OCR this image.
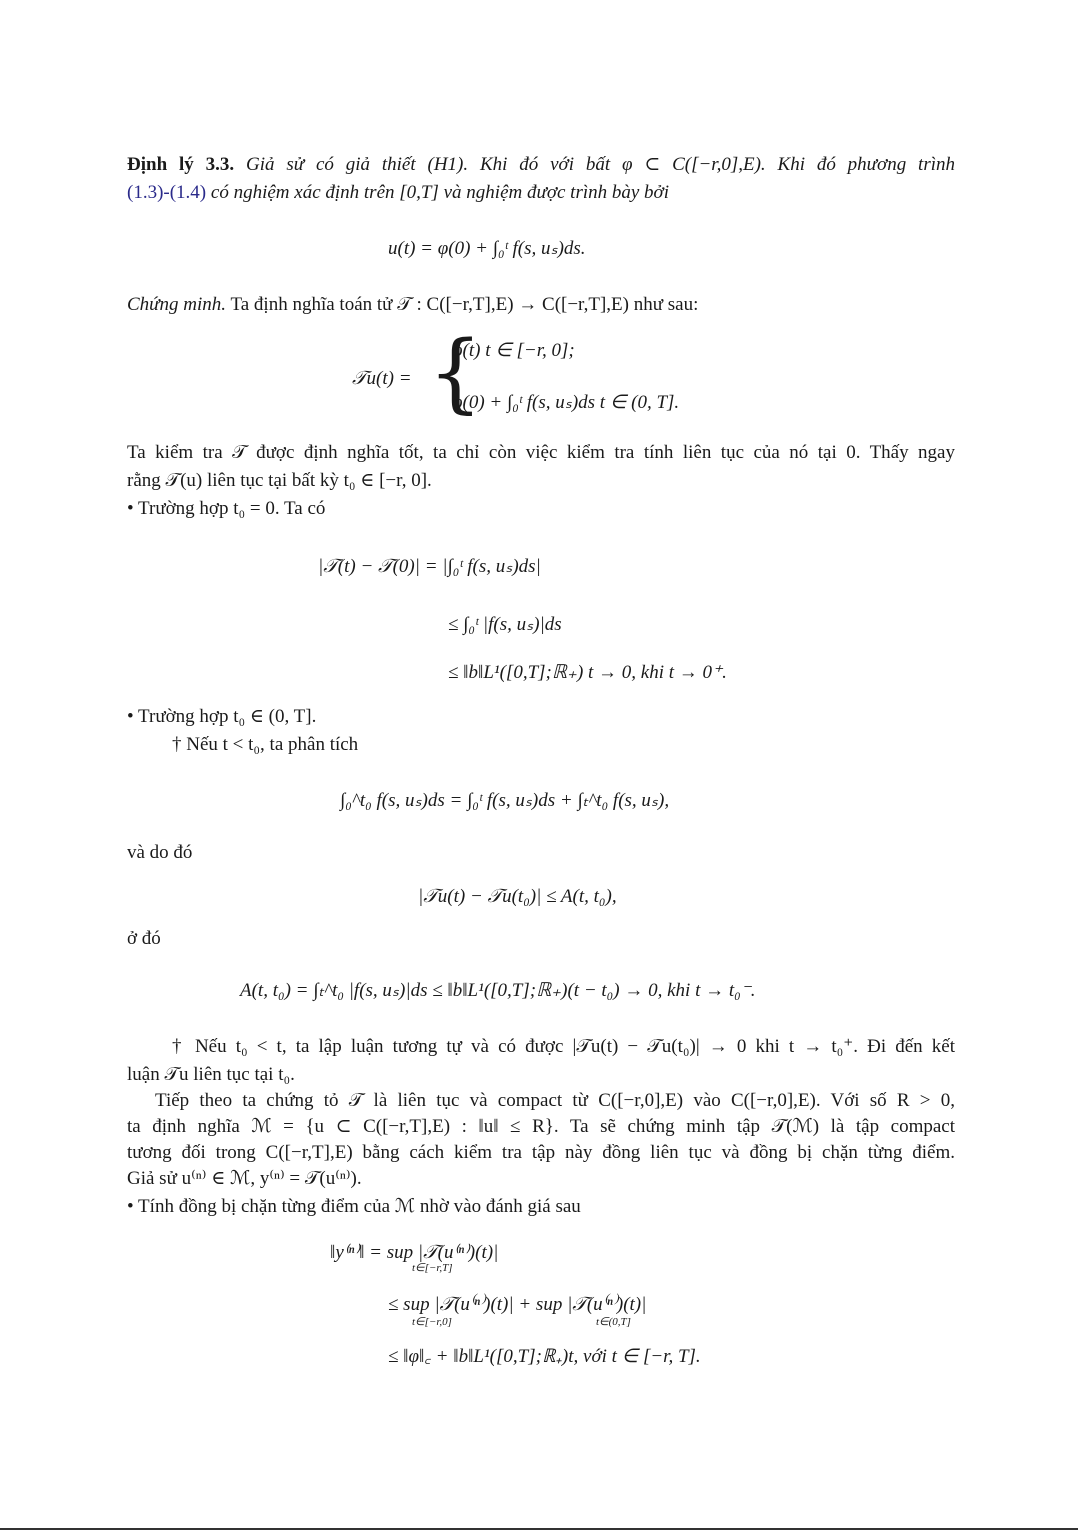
Định lý 3.3. Giả sử có giả thiết (H1). Khi đó với bất φ ⊂ C([−r,0],E). Khi đó phương trình
(1.3)-(1.4) có nghiệm xác định trên [0,T] và nghiệm được trình bày bởi
u(t) = φ(0) + ∫₀ᵗ f(s, uₛ)ds.
Chứng minh. Ta định nghĩa toán tử 𝒯 : C([−r,T],E) → C([−r,T],E) như sau:
𝒯u(t) = {
φ(t) t ∈ [−r, 0];
φ(0) + ∫₀ᵗ f(s, uₛ)ds t ∈ (0, T].
Ta kiểm tra 𝒯 được định nghĩa tốt, ta chỉ còn việc kiểm tra tính liên tục của nó tại 0. Thấy ngay
rằng 𝒯(u) liên tục tại bất kỳ t₀ ∈ [−r, 0].
• Trường hợp t₀ = 0. Ta có
|𝒯(t) − 𝒯(0)| = |∫₀ᵗ f(s, uₛ)ds|
≤ ∫₀ᵗ |f(s, uₛ)|ds
≤ ‖b‖L¹([0,T];ℝ₊) t → 0, khi t → 0⁺.
• Trường hợp t₀ ∈ (0, T].
† Nếu t < t₀, ta phân tích
∫₀^t₀ f(s, uₛ)ds = ∫₀ᵗ f(s, uₛ)ds + ∫ₜ^t₀ f(s, uₛ),
và do đó
|𝒯u(t) − 𝒯u(t₀)| ≤ A(t, t₀),
ở đó
A(t, t₀) = ∫ₜ^t₀ |f(s, uₛ)|ds ≤ ‖b‖L¹([0,T];ℝ₊)(t − t₀) → 0, khi t → t₀⁻.
† Nếu t₀ < t, ta lập luận tương tự và có được |𝒯u(t) − 𝒯u(t₀)| → 0 khi t → t₀⁺. Đi đến kết
luận 𝒯u liên tục tại t₀.
Tiếp theo ta chứng tỏ 𝒯 là liên tục và compact từ C([−r,0],E) vào C([−r,0],E). Với số R > 0,
ta định nghĩa ℳ = {u ⊂ C([−r,T],E) : ‖u‖ ≤ R}. Ta sẽ chứng minh tập 𝒯(ℳ) là tập compact
tương đối trong C([−r,T],E) bằng cách kiểm tra tập này đồng liên tục và đồng bị chặn từng điểm.
Giả sử u⁽ⁿ⁾ ∈ ℳ, y⁽ⁿ⁾ = 𝒯(u⁽ⁿ⁾).
• Tính đồng bị chặn từng điểm của ℳ nhờ vào đánh giá sau
‖y⁽ⁿ⁾‖ = sup |𝒯(u⁽ⁿ⁾)(t)|
t∈[−r,T]
≤ sup |𝒯(u⁽ⁿ⁾)(t)| + sup |𝒯(u⁽ⁿ⁾)(t)|
t∈[−r,0]	t∈(0,T]
≤ ‖φ‖꜀ + ‖b‖L¹([0,T];ℝ₊)t, với t ∈ [−r, T].
